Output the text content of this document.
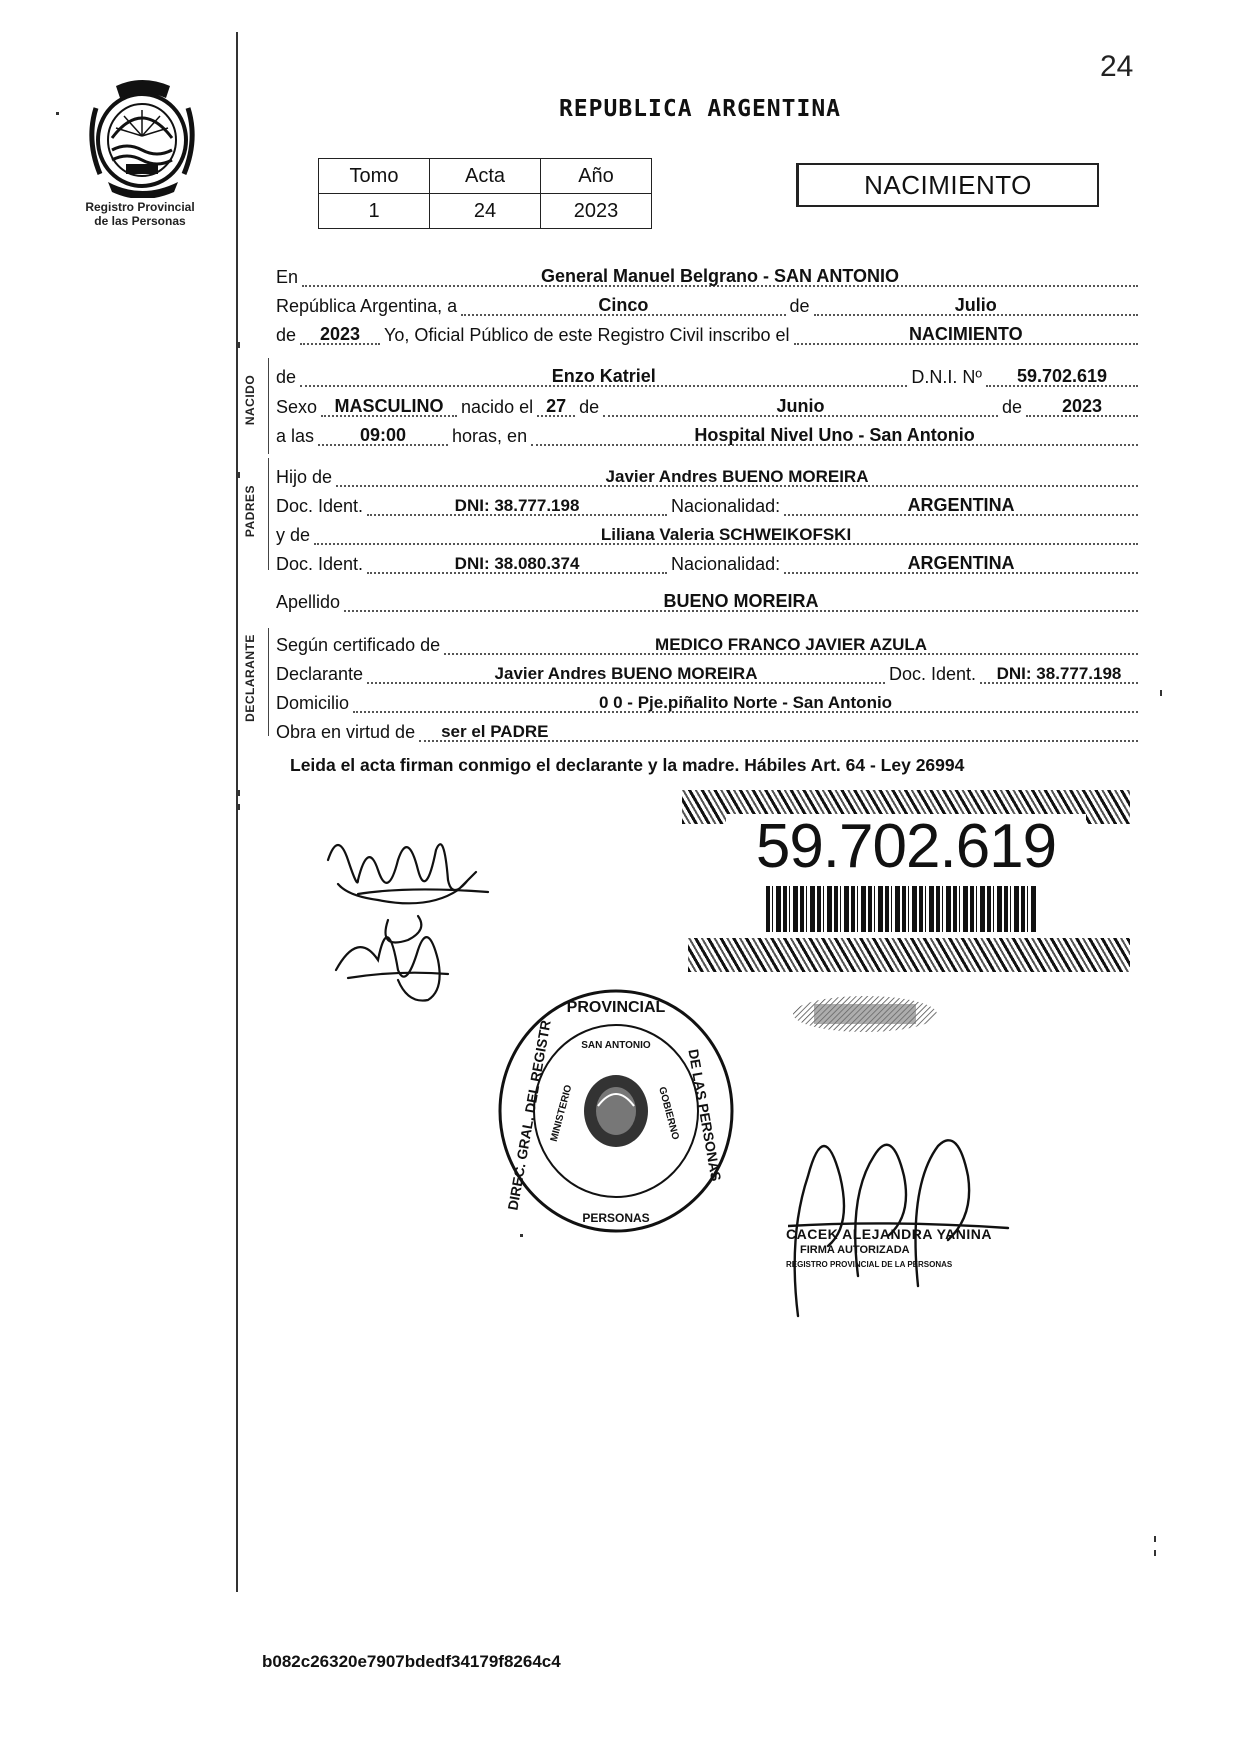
24
Registro Provincial
de las Personas
REPUBLICA ARGENTINA
Tomo	Acta	Año
1	24	2023
NACIMIENTO
NACIDO
PADRES
DECLARANTE
En	General Manuel Belgrano - SAN ANTONIO
República Argentina, a	Cinco	de	Julio
de	2023	Yo, Oficial Público de este Registro Civil inscribo el	NACIMIENTO
de	Enzo Katriel	D.N.I. Nº	59.702.619
Sexo MASCULINO nacido el 27 de	Junio	de	2023
a las	09:00	horas, en	Hospital Nivel Uno - San Antonio
Hijo de	Javier Andres BUENO MOREIRA
Doc. Ident.	DNI: 38.777.198	Nacionalidad:	ARGENTINA
y de	Liliana Valeria SCHWEIKOFSKI
Doc. Ident.	DNI: 38.080.374	Nacionalidad:	ARGENTINA
Apellido	BUENO MOREIRA
Según certificado de	MEDICO FRANCO JAVIER AZULA
Declarante	Javier Andres BUENO MOREIRA	Doc. Ident.	DNI: 38.777.198
Domicilio	0 0 - Pje.piñalito Norte - San Antonio
Obra en virtud de ser el PADRE
Leida el acta firman conmigo el declarante y la madre. Hábiles Art. 64 - Ley 26994
59.702.619
PROVINCIAL
DIREC. GRAL. DEL REGISTR	DE LAS PERSONAS
PERSONAS
SAN ANTONIO
MINISTERIO	GOBIERNO
CACEK ALEJANDRA YANINA
FIRMA AUTORIZADA
REGISTRO PROVINCIAL DE LA PERSONAS
b082c26320e7907bdedf34179f8264c4
